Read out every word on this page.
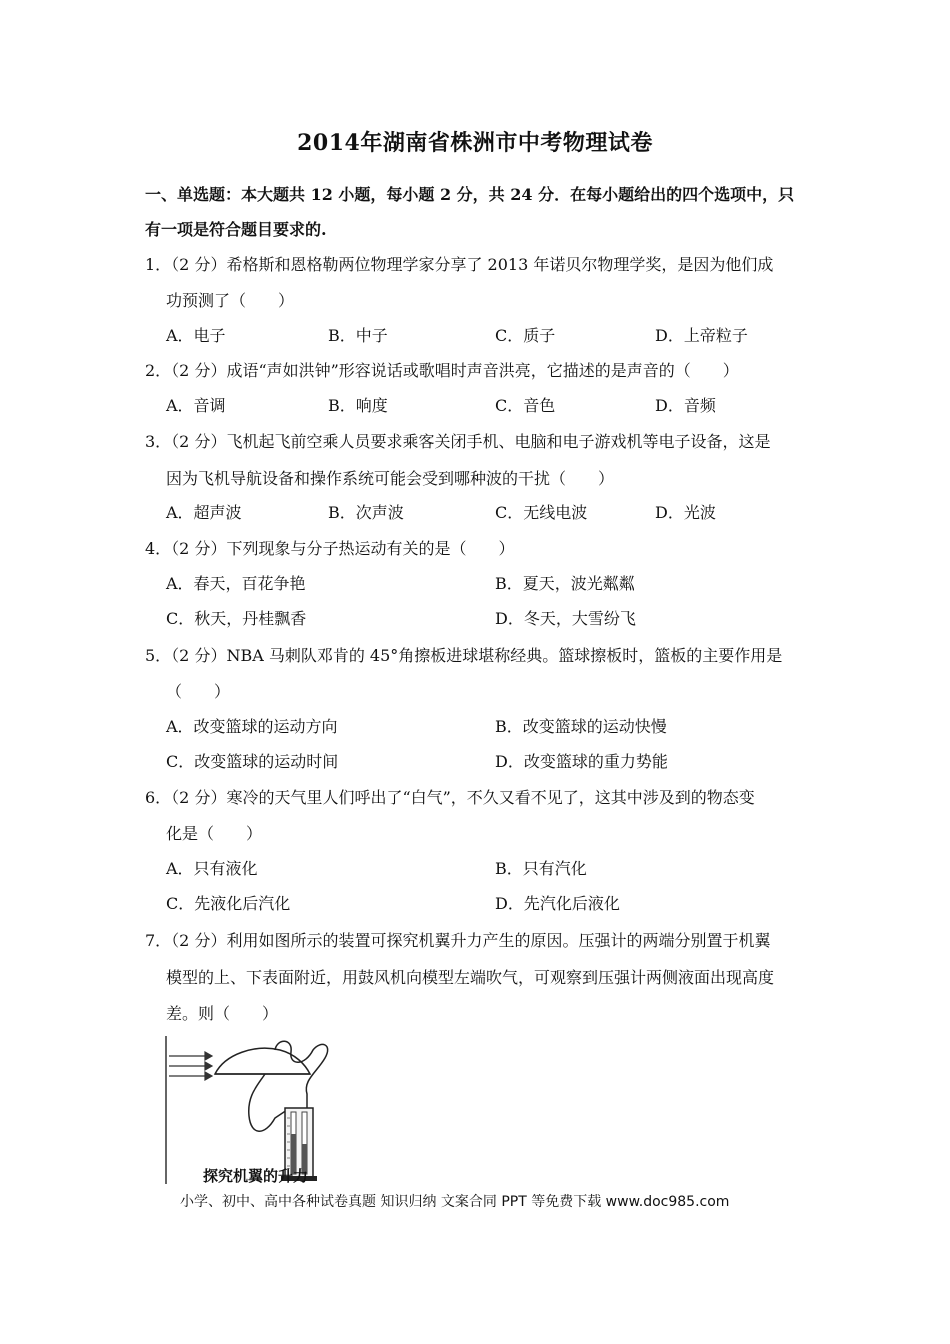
2014年湖南省株洲市中考物理试卷
一、单选题：本大题共 12 小题，每小题 2 分，共 24 分．在每小题给出的四个选项中，只
有一项是符合题目要求的.
1．（2 分）希格斯和恩格勒两位物理学家分享了 2013 年诺贝尔物理学奖，是因为他们成
功预测了（　　）
A．电子	B．中子	C．质子	D．上帝粒子
2．（2 分）成语“声如洪钟”形容说话或歌唱时声音洪亮，它描述的是声音的（　　）
A．音调	B．响度	C．音色	D．音频
3．（2 分）飞机起飞前空乘人员要求乘客关闭手机、电脑和电子游戏机等电子设备，这是
因为飞机导航设备和操作系统可能会受到哪种波的干扰（　　）
A．超声波	B．次声波	C．无线电波	D．光波
4．（2 分）下列现象与分子热运动有关的是（　　）
A．春天，百花争艳	B．夏天，波光粼粼
C．秋天，丹桂飘香	D．冬天，大雪纷飞
5．（2 分）NBA 马刺队邓肯的 45°角擦板进球堪称经典。篮球擦板时，篮板的主要作用是
（　　）
A．改变篮球的运动方向	B．改变篮球的运动快慢
C．改变篮球的运动时间	D．改变篮球的重力势能
6．（2 分）寒冷的天气里人们呼出了“白气”，不久又看不见了，这其中涉及到的物态变
化是（　　）
A．只有液化	B．只有汽化
C．先液化后汽化	D．先汽化后液化
7．（2 分）利用如图所示的装置可探究机翼升力产生的原因。压强计的两端分别置于机翼
模型的上、下表面附近，用鼓风机向模型左端吹气，可观察到压强计两侧液面出现高度
差。则（　　）
探究机翼的升力
小学、初中、高中各种试卷真题 知识归纳 文案合同 PPT 等免费下载 www.doc985.com
